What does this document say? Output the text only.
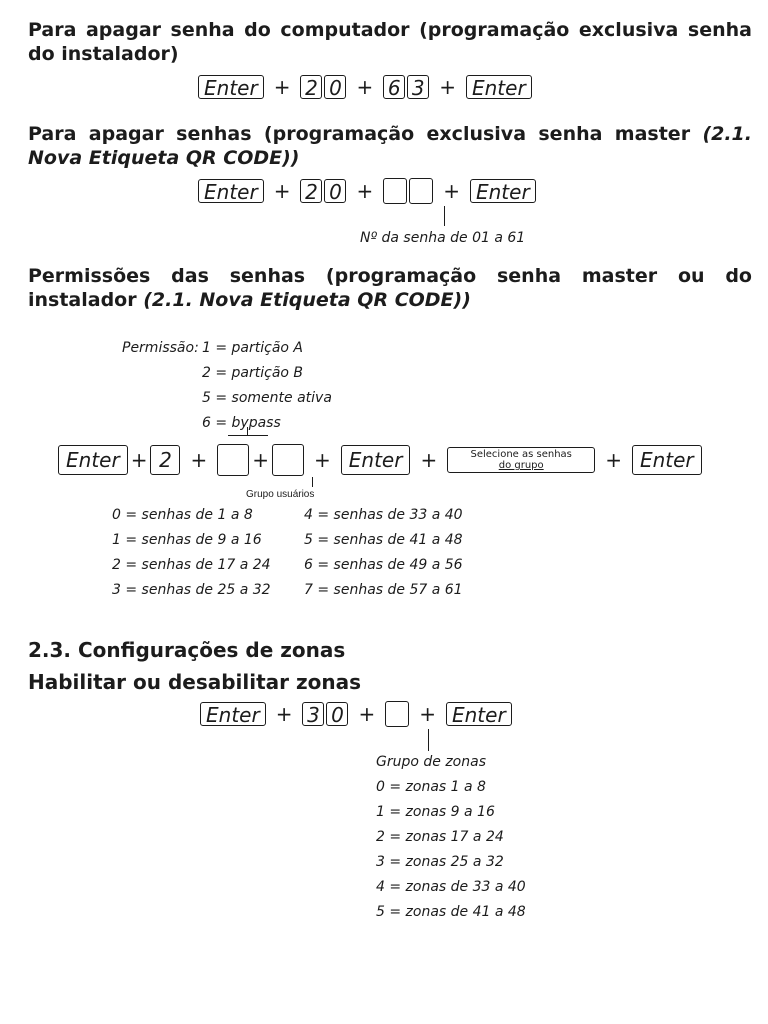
Para apagar senha do computador (programação exclusiva senha do instalador)

Enter + 2 0 + 6 3 + Enter

Para apagar senhas (programação exclusiva senha master (2.1. Nova Etiqueta QR CODE))

Enter + 2 0 +	+ Enter
Nº da senha de 01 a 61

Permissões das senhas (programação senha master ou do instalador (2.1. Nova Etiqueta QR CODE))

Permissão: 1 = partição A
2 = partição B
5 = somente ativa
6 = bypass
Enter + 2 + + + Enter +	Selecione as senhas
do grupo	+ Enter
Grupo usuários
0 = senhas de 1 a 8	4 = senhas de 33 a 40
1 = senhas de 9 a 16	5 = senhas de 41 a 48
2 = senhas de 17 a 24	6 = senhas de 49 a 56
3 = senhas de 25 a 32	7 = senhas de 57 a 61

2.3. Configurações de zonas

Habilitar ou desabilitar zonas

Enter + 3 0 + + Enter
Grupo de zonas
0 = zonas 1 a 8
1 = zonas 9 a 16
2 = zonas 17 a 24
3 = zonas 25 a 32
4 = zonas de 33 a 40
5 = zonas de 41 a 48
